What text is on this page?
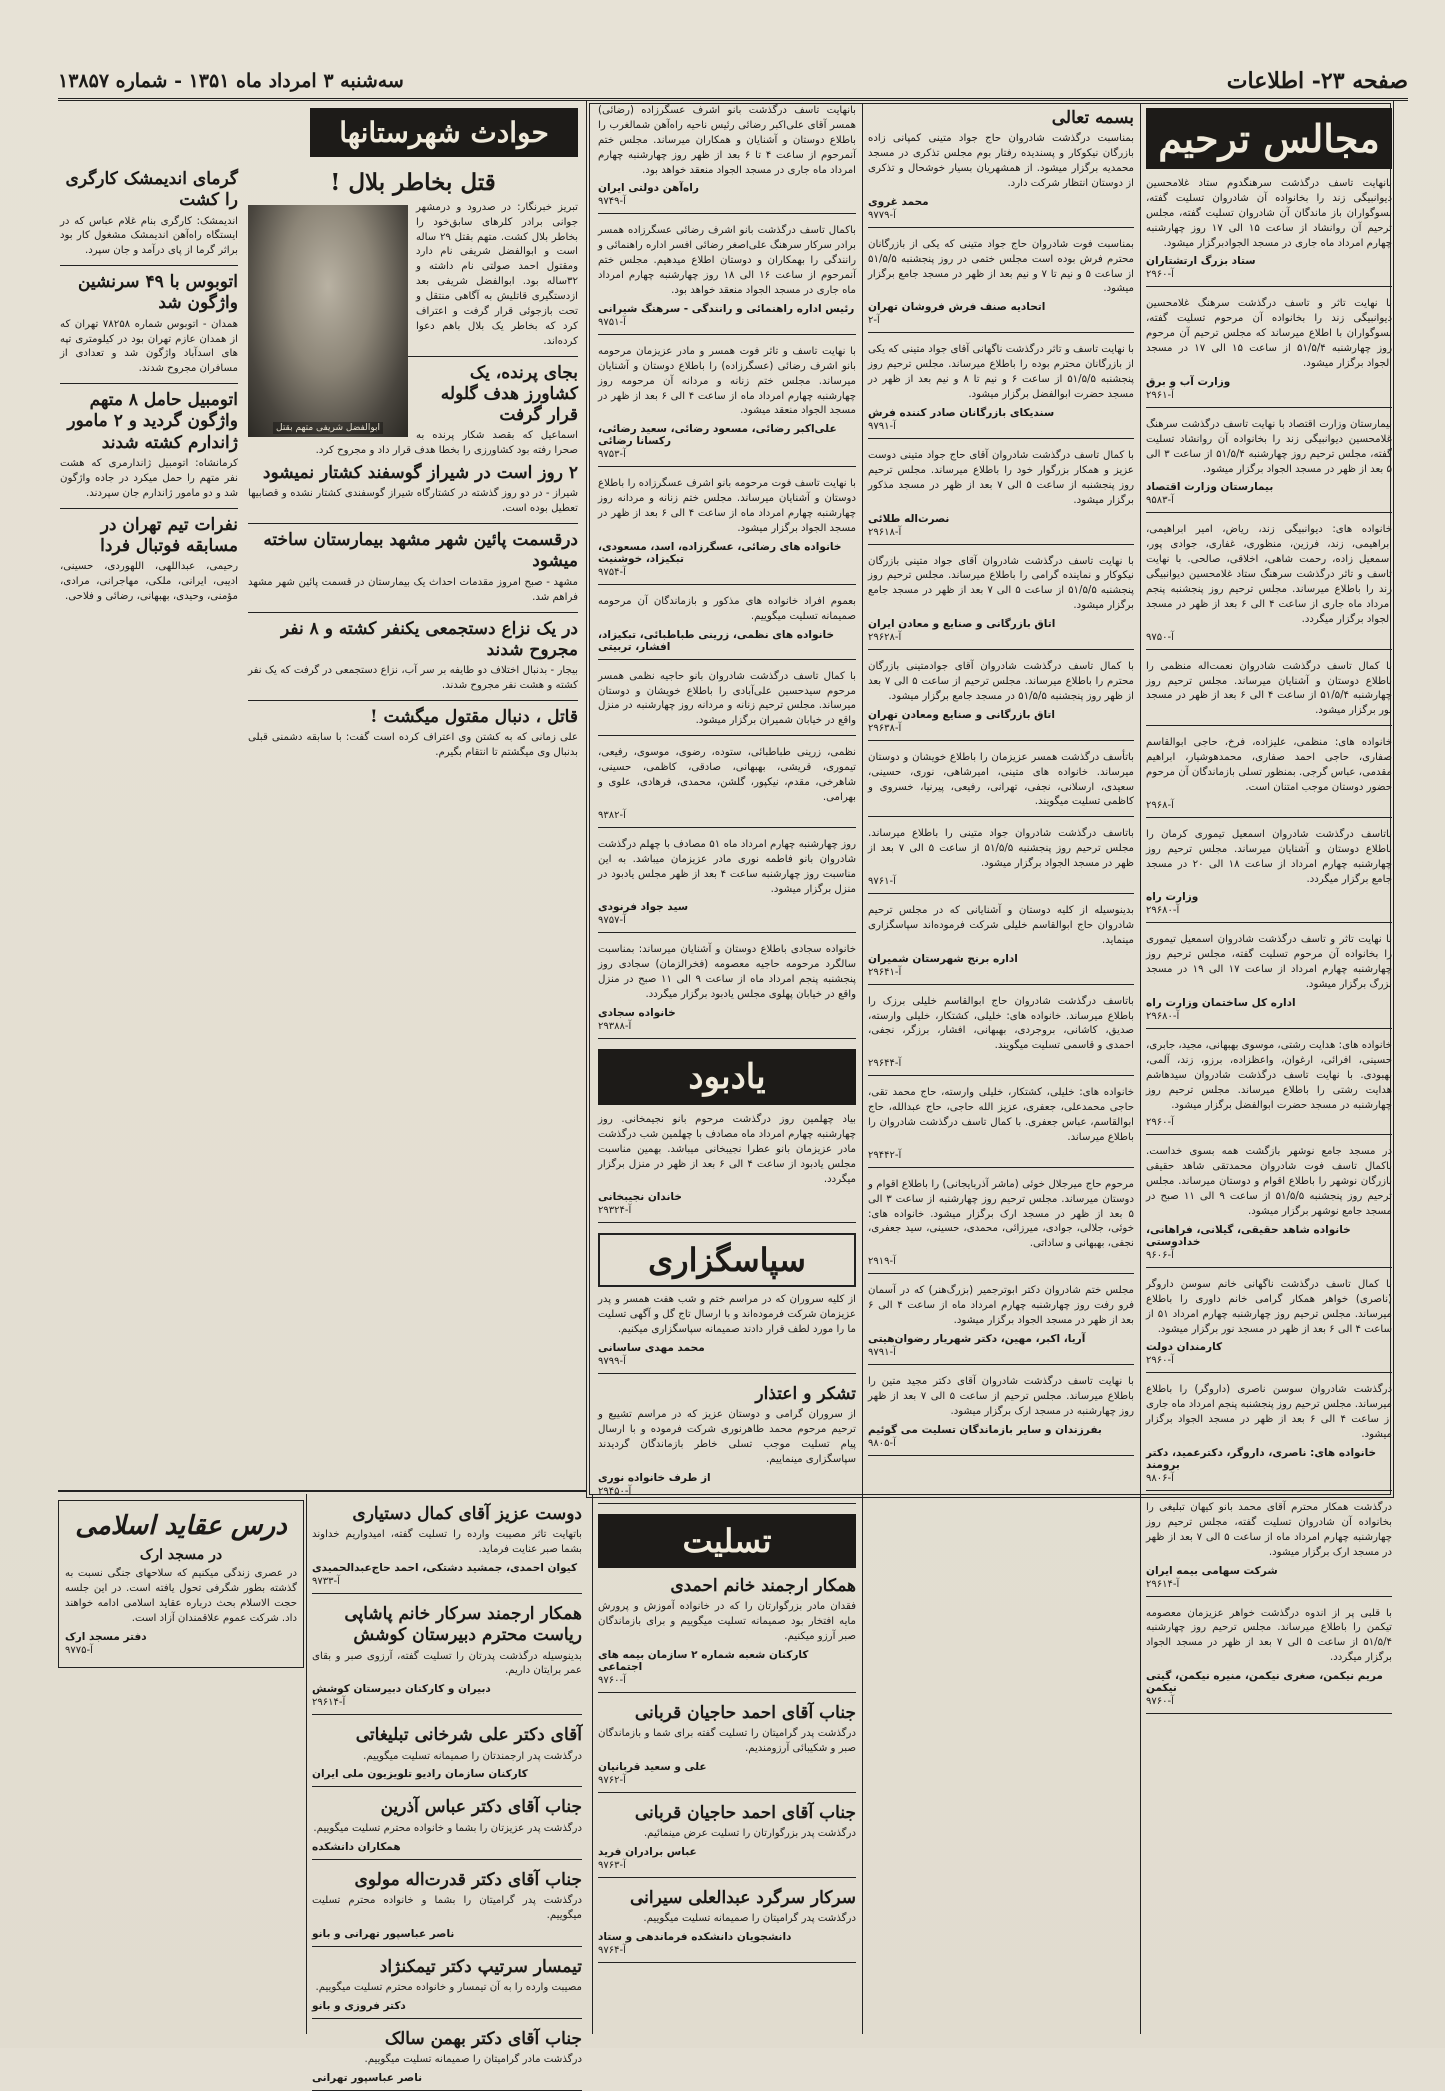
صفحه ۲۳- اطلاعات
سه‌شنبه ۳ امرداد ماه ۱۳۵۱ - شماره ۱۳۸۵۷
مجالس ترحیم

بانهایت تاسف درگذشت سرهنگدوم ستاد غلامحسین دیوانبیگی زند را بخانواده آن شادروان تسلیت گفته، بسوگواران باز ماندگان آن شادروان تسلیت گفته، مجلس ترحیم آن روانشاد از ساعت ۱۵ الی ۱۷ روز چهارشنبه چهارم امرداد ماه جاری در مسجد الجوادبرگزار میشود.

ستاد بزرگ ارتشتاران
آ-۲۹۶۰

با نهایت تاثر و تاسف درگذشت سرهنگ غلامحسین دیوانبیگی زند را بخانواده آن مرحوم تسلیت گفته، بسوگواران با اطلاع میرساند که مجلس ترحیم آن مرحوم روز چهارشنبه ۵۱/۵/۴ از ساعت ۱۵ الی ۱۷ در مسجد الجواد برگزار میشود.

وزارت آب و برق
آ-۲۹۶۱

بیمارستان وزارت اقتصاد با نهایت تاسف درگذشت سرهنگ غلامحسین دیوانبیگی زند را بخانواده آن روانشاد تسلیت گفته، مجلس ترحیم روز چهارشنبه ۵۱/۵/۴ از ساعت ۳ الی ۵ بعد از ظهر در مسجد الجواد برگزار میشود.

بیمارستان وزارت اقتصاد
آ-۹۵۸۳

خانواده های: دیوانبیگی زند، ریاض، امیر ابراهیمی، ابراهیمی، زند، فرزین، منظوری، غفاری، جوادی پور، اسمعیل زاده، رحمت شاهی، اخلاقی، صالحی. با نهایت تاسف و تاثر درگذشت سرهنگ ستاد غلامحسین دیوانبیگی زند را باطلاع میرساند. مجلس ترحیم روز پنجشنبه پنجم امرداد ماه جاری از ساعت ۴ الی ۶ بعد از ظهر در مسجد الجواد برگزار میگردد.

آ-۹۷۵۰

با کمال تاسف درگذشت شادروان نعمت‌اله منظمی را باطلاع دوستان و آشنایان میرساند. مجلس ترحیم روز چهارشنبه ۵۱/۵/۴ از ساعت ۴ الی ۶ بعد از ظهر در مسجد نور برگزار میشود.

خانواده های: منظمی، علیزاده، فرخ، حاجی ابوالقاسم صفاری، حاجی احمد صفاری، محمدهوشیار، ابراهیم مقدمی، عباس گرجی. بمنظور تسلی بازماندگان آن مرحوم حضور دوستان موجب امتنان است.

آ-۲۹۶۸

باتاسف درگذشت شادروان اسمعیل تیموری کرمان را باطلاع دوستان و آشنایان میرساند. مجلس ترحیم روز چهارشنبه چهارم امرداد از ساعت ۱۸ الی ۲۰ در مسجد جامع برگزار میگردد.

وزارت راه
آ-۲۹۶۸۰

با نهایت تاثر و تاسف درگذشت شادروان اسمعیل تیموری را بخانواده آن مرحوم تسلیت گفته، مجلس ترحیم روز چهارشنبه چهارم امرداد از ساعت ۱۷ الی ۱۹ در مسجد بزرگ برگزار میشود.

اداره کل ساختمان وزارت راه
آ-۲۹۶۸۰

خانواده های: هدایت رشتی، موسوی بهبهانی، مجید، جابری، حسینی، افرائی، ارغوان، واعظزاده، برزو، زند، آلمی، بهبودی. با نهایت تاسف درگذشت شادروان سیدهاشم هدایت رشتی را باطلاع میرساند. مجلس ترحیم روز چهارشنبه در مسجد حضرت ابوالفضل برگزار میشود.

آ-۲۹۶۰

در مسجد جامع نوشهر بازگشت همه بسوی خداست. باکمال تاسف فوت شادروان محمدتقی شاهد حقیقی بازرگان نوشهر را باطلاع اقوام و دوستان میرساند. مجلس ترحیم روز پنجشنبه ۵۱/۵/۵ از ساعت ۹ الی ۱۱ صبح در مسجد جامع نوشهر برگزار میشود.

خانواده شاهد حقیقی، گیلانی، فراهانی، خدادوستی
آ-۹۶۰۶

با کمال تاسف درگذشت ناگهانی خانم سوسن داروگر (ناصری) خواهر همکار گرامی خانم داوری را باطلاع میرساند. مجلس ترحیم روز چهارشنبه چهارم امرداد ۵۱ از ساعت ۴ الی ۶ بعد از ظهر در مسجد نور برگزار میشود.

کارمندان دولت
آ-۲۹۶۰

درگذشت شادروان سوسن ناصری (داروگر) را باطلاع میرساند. مجلس ترحیم روز پنجشنبه پنجم امرداد ماه جاری از ساعت ۴ الی ۶ بعد از ظهر در مسجد الجواد برگزار میشود.

خانواده های: ناصری، داروگر، دکترعمید، دکتر برومند
آ-۹۸۰۶

درگذشت همکار محترم آقای محمد بانو کیهان تبلیغی را بخانواده آن شادروان تسلیت گفته، مجلس ترحیم روز چهارشنبه چهارم امرداد ماه از ساعت ۵ الی ۷ بعد از ظهر در مسجد ارک برگزار میشود.

شرکت سهامی بیمه ایران
آ-۲۹۶۱۴

با قلبی پر از اندوه درگذشت خواهر عزیزمان معصومه تیکمن را باطلاع میرساند. مجلس ترحیم روز چهارشنبه ۵۱/۵/۴ از ساعت ۵ الی ۷ بعد از ظهر در مسجد الجواد برگزار میگردد.

مریم نیکمن، صغری نیکمن، منیره نیکمن، گیتی نیکمن
آ-۹۷۶۰
بسمه تعالی

بمناسبت درگذشت شادروان حاج جواد متینی کمپانی زاده بازرگان نیکوکار و پسندیده رفتار بوم مجلس تذکری در مسجد محمدیه برگزار میشود. از همشهریان بسیار خوشحال و تذکری از دوستان انتظار شرکت دارد.

محمد غروی
آ-۹۷۷۹

بمناسبت فوت شادروان حاج جواد متینی که یکی از بازرگانان محترم فرش بوده است مجلس ختمی در روز پنجشنبه ۵۱/۵/۵ از ساعت ۵ و نیم تا ۷ و نیم بعد از ظهر در مسجد جامع برگزار میشود.

اتحادیه صنف فرش فروشان تهران
آ-۲

با نهایت تاسف و تاثر درگذشت ناگهانی آقای جواد متینی که یکی از بازرگانان محترم بوده را باطلاع میرساند. مجلس ترحیم روز پنجشنبه ۵۱/۵/۵ از ساعت ۶ و نیم تا ۸ و نیم بعد از ظهر در مسجد حضرت ابوالفضل برگزار میشود.

سندیکای بازرگانان صادر کننده فرش
آ-۹۷۹۱

با کمال تاسف درگذشت شادروان آقای حاج جواد متینی دوست عزیز و همکار بزرگوار خود را باطلاع میرساند. مجلس ترحیم روز پنجشنبه از ساعت ۵ الی ۷ بعد از ظهر در مسجد مذکور برگزار میشود.

نصرت‌اله طلائی
آ-۲۹۶۱۸

با نهایت تاسف درگذشت شادروان آقای جواد متینی بازرگان نیکوکار و نماینده گرامی را باطلاع میرساند. مجلس ترحیم روز پنجشنبه ۵۱/۵/۵ از ساعت ۵ الی ۷ بعد از ظهر در مسجد جامع برگزار میشود.

اتاق بازرگانی و صنایع و معادن ایران
آ-۲۹۶۲۸

با کمال تاسف درگذشت شادروان آقای جوادمتینی بازرگان محترم را باطلاع میرساند. مجلس ترحیم از ساعت ۵ الی ۷ بعد از ظهر روز پنجشنبه ۵۱/۵/۵ در مسجد جامع برگزار میشود.

اتاق بازرگانی و صنایع ومعادن تهران
آ-۲۹۶۳۸

باتأسف درگذشت همسر عزیزمان را باطلاع خویشان و دوستان میرساند. خانواده های متینی، امیرشاهی، نوری، حسینی، سعیدی، ارسلانی، نجفی، تهرانی، رفیعی، پیرنیا، خسروی و کاظمی تسلیت میگویند.

باتاسف درگذشت شادروان جواد متینی را باطلاع میرساند. مجلس ترحیم روز پنجشنبه ۵۱/۵/۵ از ساعت ۵ الی ۷ بعد از ظهر در مسجد الجواد برگزار میشود.

آ-۹۷۶۱

بدینوسیله از کلیه دوستان و آشنایانی که در مجلس ترحیم شادروان حاج ابوالقاسم خلیلی شرکت فرموده‌اند سپاسگزاری مینماید.

اداره برنج شهرستان شمیران
آ-۲۹۶۴۱

باتاسف درگذشت شادروان حاج ابوالقاسم خلیلی برزک را باطلاع میرساند. خانواده های: خلیلی، کشتکار، خلیلی وارسته، صدیق، کاشانی، بروجردی، بهبهانی، افشار، برزگر، نجفی، احمدی و قاسمی تسلیت میگویند.

آ-۲۹۶۴۴

خانواده های: خلیلی، کشتکار، خلیلی وارسته، حاج محمد تقی، حاجی محمدعلی، جعفری، عزیز الله حاجی، حاج عبدالله، حاج ابوالقاسم، عباس جعفری. با کمال تاسف درگذشت شادروان را باطلاع میرساند.

آ-۲۹۴۴۲

مرحوم حاج میرجلال خوئی (ماشر آذربایجانی) را باطلاع اقوام و دوستان میرساند. مجلس ترحیم روز چهارشنبه از ساعت ۳ الی ۵ بعد از ظهر در مسجد ارک برگزار میشود. خانواده های: خوئی، جلالی، جوادی، میرزائی، محمدی، حسینی، سید جعفری، نجفی، بهبهانی و ساداتی.

آ-۲۹۱۹

مجلس ختم شادروان دکتر ابوترجمیر (بزرگ‌هنر) که در آسمان فرو رفت روز چهارشنبه چهارم امرداد ماه از ساعت ۴ الی ۶ بعد از ظهر در مسجد الجواد برگزار میشود.

آریا، اکبر، مهین، دکتر شهریار رضوان‌هیتی
آ-۹۷۹۱

با نهایت تاسف درگذشت شادروان آقای دکتر مجید متین را باطلاع میرساند. مجلس ترحیم از ساعت ۵ الی ۷ بعد از ظهر روز چهارشنبه در مسجد ارک برگزار میشود.

بفرزندان و سایر بازماندگان تسلیت می گوئیم
آ-۹۸۰۵

بانهایت تاسف درگذشت بانو اشرف عسگرزاده (رضائی) همسر آقای علی‌اکبر رضائی رئیس ناحیه راه‌آهن شمالغرب را باطلاع دوستان و آشنایان و همکاران میرساند. مجلس ختم آنمرحوم از ساعت ۴ تا ۶ بعد از ظهر روز چهارشنبه چهارم امرداد ماه جاری در مسجد الجواد منعقد خواهد بود.

راه‌آهن دولتی ایران
آ-۹۷۴۹

باکمال تاسف درگذشت بانو اشرف رضائی عسگرزاده همسر برادر سرکار سرهنگ علی‌اصغر رضائی افسر اداره راهنمائی و رانندگی را بهمکاران و دوستان اطلاع میدهیم. مجلس ختم آنمرحوم از ساعت ۱۶ الی ۱۸ روز چهارشنبه چهارم امرداد ماه جاری در مسجد الجواد منعقد خواهد بود.

رئیس اداره راهنمائی و رانندگی - سرهنگ شیرانی
آ-۹۷۵۱

با نهایت تاسف و تاثر فوت همسر و مادر عزیزمان مرحومه بانو اشرف رضائی (عسگرزاده) را باطلاع دوستان و آشنایان میرساند. مجلس ختم زنانه و مردانه آن مرحومه روز چهارشنبه چهارم امرداد ماه از ساعت ۴ الی ۶ بعد از ظهر در مسجد الجواد منعقد میشود.

علی‌اکبر رضائی، مسعود رضائی، سعید رضائی، رکسانا رضائی
آ-۹۷۵۳

با نهایت تاسف فوت مرحومه بانو اشرف عسگرزاده را باطلاع دوستان و آشنایان میرساند. مجلس ختم زنانه و مردانه روز چهارشنبه چهارم امرداد ماه از ساعت ۴ الی ۶ بعد از ظهر در مسجد الجواد برگزار میشود.

خانواده های رضائی، عسگرزاده، اسد، مسعودی، تبکیزاد، خوشنیت
آ-۹۷۵۴

بعموم افراد خانواده های مذکور و بازماندگان آن مرحومه صمیمانه تسلیت میگوییم.

خانواده های نظمی، زرینی طباطبائی، تبکیزاد، افشار، تربیتی

با کمال تاسف درگذشت شادروان بانو حاجیه نظمی همسر مرحوم سیدحسین علی‌آبادی را باطلاع خویشان و دوستان میرساند. مجلس ترحیم زنانه و مردانه روز چهارشنبه در منزل واقع در خیابان شمیران برگزار میشود.

نظمی، زرینی طباطبائی، ستوده، رضوی، موسوی، رفیعی، تیموری، قریشی، بهبهانی، صادقی، کاظمی، حسینی، شاهرخی، مقدم، نیکپور، گلشن، محمدی، فرهادی، علوی و بهرامی.

آ-۹۳۸۲

روز چهارشنبه چهارم امرداد ماه ۵۱ مصادف با چهلم درگذشت شادروان بانو فاطمه نوری مادر عزیزمان میباشد. به این مناسبت روز چهارشنبه ساعت ۴ بعد از ظهر مجلس یادبود در منزل برگزار میشود.

سید جواد فرنودی
آ-۹۷۵۷

خانواده سجادی باطلاع دوستان و آشنایان میرساند: بمناسبت سالگرد مرحومه حاجیه معصومه (فخرالزمان) سجادی روز پنجشنبه پنجم امرداد ماه از ساعت ۹ الی ۱۱ صبح در منزل واقع در خیابان پهلوی مجلس یادبود برگزار میگردد.

خانواده سجادی
آ-۲۹۳۸۸
یادبود

بیاد چهلمین روز درگذشت مرحوم بانو نجیمخانی. روز چهارشنبه چهارم امرداد ماه مصادف با چهلمین شب درگذشت مادر عزیزمان بانو عطرا نجیبخانی میباشد. بهمین مناسبت مجلس یادبود از ساعت ۴ الی ۶ بعد از ظهر در منزل برگزار میگردد.

خاندان نجیبخانی
آ-۲۹۳۲۴
سپاسگزاری

از کلیه سروران که در مراسم ختم و شب هفت همسر و پدر عزیزمان شرکت فرموده‌اند و با ارسال تاج گل و آگهی تسلیت ما را مورد لطف قرار دادند صمیمانه سپاسگزاری میکنیم.

محمد مهدی ساسانی
آ-۹۷۹۹
تشکر و اعتذار

از سروران گرامی و دوستان عزیز که در مراسم تشییع و ترحیم مرحوم محمد طاهرنوری شرکت فرموده و با ارسال پیام تسلیت موجب تسلی خاطر بازماندگان گردیدند سپاسگزاری مینماییم.

از طرف خانواده نوری
آ-۲۹۴۵۰
تسلیت
همکار ارجمند خانم احمدی

فقدان مادر بزرگوارتان را که در خانواده آموزش و پرورش مایه افتخار بود صمیمانه تسلیت میگوییم و برای بازماندگان صبر آرزو میکنیم.

کارکنان شعبه شماره ۲ سازمان بیمه های اجتماعی
آ-۹۷۶۰
جناب آقای احمد حاجیان قربانی

درگذشت پدر گرامیتان را تسلیت گفته برای شما و بازماندگان صبر و شکیبائی آرزومندیم.

علی و سعید قربانیان
آ-۹۷۶۲
جناب آقای احمد حاجیان قربانی

درگذشت پدر بزرگوارتان را تسلیت عرض مینمائیم.

عباس برادران فرید
آ-۹۷۶۳
سرکار سرگرد عبدالعلی سیرانی

درگذشت پدر گرامیتان را صمیمانه تسلیت میگوییم.

دانشجویان دانشکده فرماندهی و ستاد
آ-۹۷۶۴
دوست عزیز آقای کمال دستیاری

باتهایت تاثر مصیبت وارده را تسلیت گفته، امیدواریم خداوند بشما صبر عنایت فرماید.

کیوان احمدی، جمشید دشتکی، احمد حاج‌عبدالحمیدی
آ-۹۷۳۳
همکار ارجمند سرکار خانم پاشاپی ریاست محترم دبیرستان کوشش

بدینوسیله درگذشت پدرتان را تسلیت گفته، آرزوی صبر و بقای عمر برایتان داریم.

دبیران و کارکنان دبیرستان کوشش
آ-۲۹۶۱۴
آقای دکتر علی شرخانی تبلیغاتی

درگذشت پدر ارجمندتان را صمیمانه تسلیت میگوییم.

کارکنان سازمان رادیو تلویزیون ملی ایران
جناب آقای دکتر عباس آذرین

درگذشت پدر عزیزتان را بشما و خانواده محترم تسلیت میگوییم.

همکاران دانشکده
جناب آقای دکتر قدرت‌اله مولوی

درگذشت پدر گرامیتان را بشما و خانواده محترم تسلیت میگوییم.

ناصر عباسپور تهرانی و بانو
تیمسار سرتیپ دکتر تیمکنژاد

مصیبت وارده را به آن تیمسار و خانواده محترم تسلیت میگوییم.

دکتر فروزی و بانو
جناب آقای دکتر بهمن سالک

درگذشت مادر گرامیتان را صمیمانه تسلیت میگوییم.

ناصر عباسپور تهرانی
درس عقاید اسلامی
در مسجد ارک

در عصری زندگی میکنیم که سلاحهای جنگی نسبت به گذشته بطور شگرفی تحول یافته است. در این جلسه حجت الاسلام بحث درباره عقاید اسلامی ادامه خواهند داد. شرکت عموم علاقمندان آزاد است.

دفتر مسجد ارک
آ-۹۷۷۵
حوادث شهرستانها
قتل بخاطر بلال !
ابوالفضل شریفی متهم بقتل

تبریز خبرنگار: در صدرود و درمشهر جوانی برادر کلرهای سابق‌خود را بخاطر بلال کشت. متهم بقتل ۲۹ ساله است و ابوالفضل شریفی نام دارد ومقتول احمد صولتی نام داشته و ۳۲ساله بود. ابوالفضل شریفی بعد ازدستگیری قاتلیش به آگاهی منتقل و تحت بازجوئی قرار گرفت و اعتراف کرد که بخاطر یک بلال باهم دعوا کرده‌اند.

بجای پرنده، یک کشاورز هدف گلوله قرار گرفت

اسماعیل که بقصد شکار پرنده به صحرا رفته بود کشاورزی را بخطا هدف قرار داد و مجروح کرد.

۲ روز است در شیراز گوسفند کشتار نمیشود

شیراز - در دو روز گذشته در کشتارگاه شیراز گوسفندی کشتار نشده و قصابیها تعطیل بوده است.

درقسمت پائین شهر مشهد بیمارستان ساخته میشود

مشهد - صبح امروز مقدمات احداث یک بیمارستان در قسمت پائین شهر مشهد فراهم شد.

در یک نزاع دستجمعی یکنفر کشته و ۸ نفر مجروح شدند

بیجار - بدنبال اختلاف دو طایفه بر سر آب، نزاع دستجمعی در گرفت که یک نفر کشته و هشت نفر مجروح شدند.

قاتل ، دنبال مقتول میگشت !

علی زمانی که به کشتن وی اعتراف کرده است گفت: با سابقه دشمنی قبلی بدنبال وی میگشتم تا انتقام بگیرم.

گرمای اندیمشک کارگری را کشت

اندیمشک: کارگری بنام غلام عباس که در ایستگاه راه‌آهن اندیمشک مشغول کار بود براثر گرما از پای درآمد و جان سپرد.

اتوبوس با ۴۹ سرنشین واژگون شد

همدان - اتوبوس شماره ۷۸۲۵۸ تهران که از همدان عازم تهران بود در کیلومتری تپه های اسدآباد واژگون شد و تعدادی از مسافران مجروح شدند.

اتومبیل حامل ۸ متهم واژگون گردید و ۲ مامور ژاندارم کشته شدند

کرمانشاه: اتومبیل ژاندارمری که هشت نفر متهم را حمل میکرد در جاده واژگون شد و دو مامور ژاندارم جان سپردند.

نفرات تیم تهران در مسابقه فوتبال فردا

رحیمی، عبداللهی، اللهوردی، حسینی، ادیبی، ایرانی، ملکی، مهاجرانی، مرادی، مؤمنی، وحیدی، بهبهانی، رضائی و فلاحی.
